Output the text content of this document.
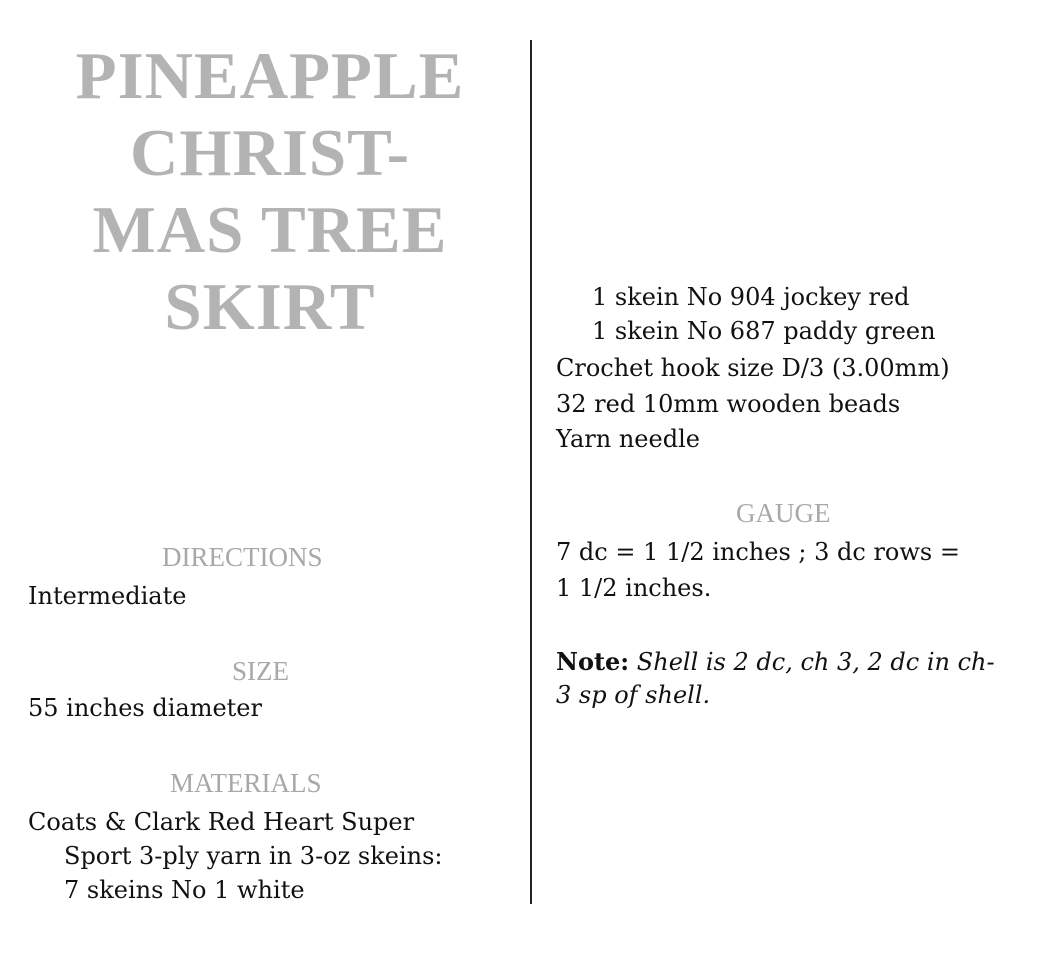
PINEAPPLE
CHRIST-
MAS TREE
SKIRT
DIRECTIONS
Intermediate
SIZE
55 inches diameter
MATERIALS
Coats & Clark Red Heart Super
Sport 3-ply yarn in 3-oz skeins:
7 skeins No 1 white
1 skein No 904 jockey red
1 skein No 687 paddy green
Crochet hook size D/3 (3.00mm)
32 red 10mm wooden beads
Yarn needle
GAUGE
7 dc = 1 1/2 inches ; 3 dc rows =
1 1/2 inches.
Note: Shell is 2 dc, ch 3, 2 dc in ch-
3 sp of shell.
